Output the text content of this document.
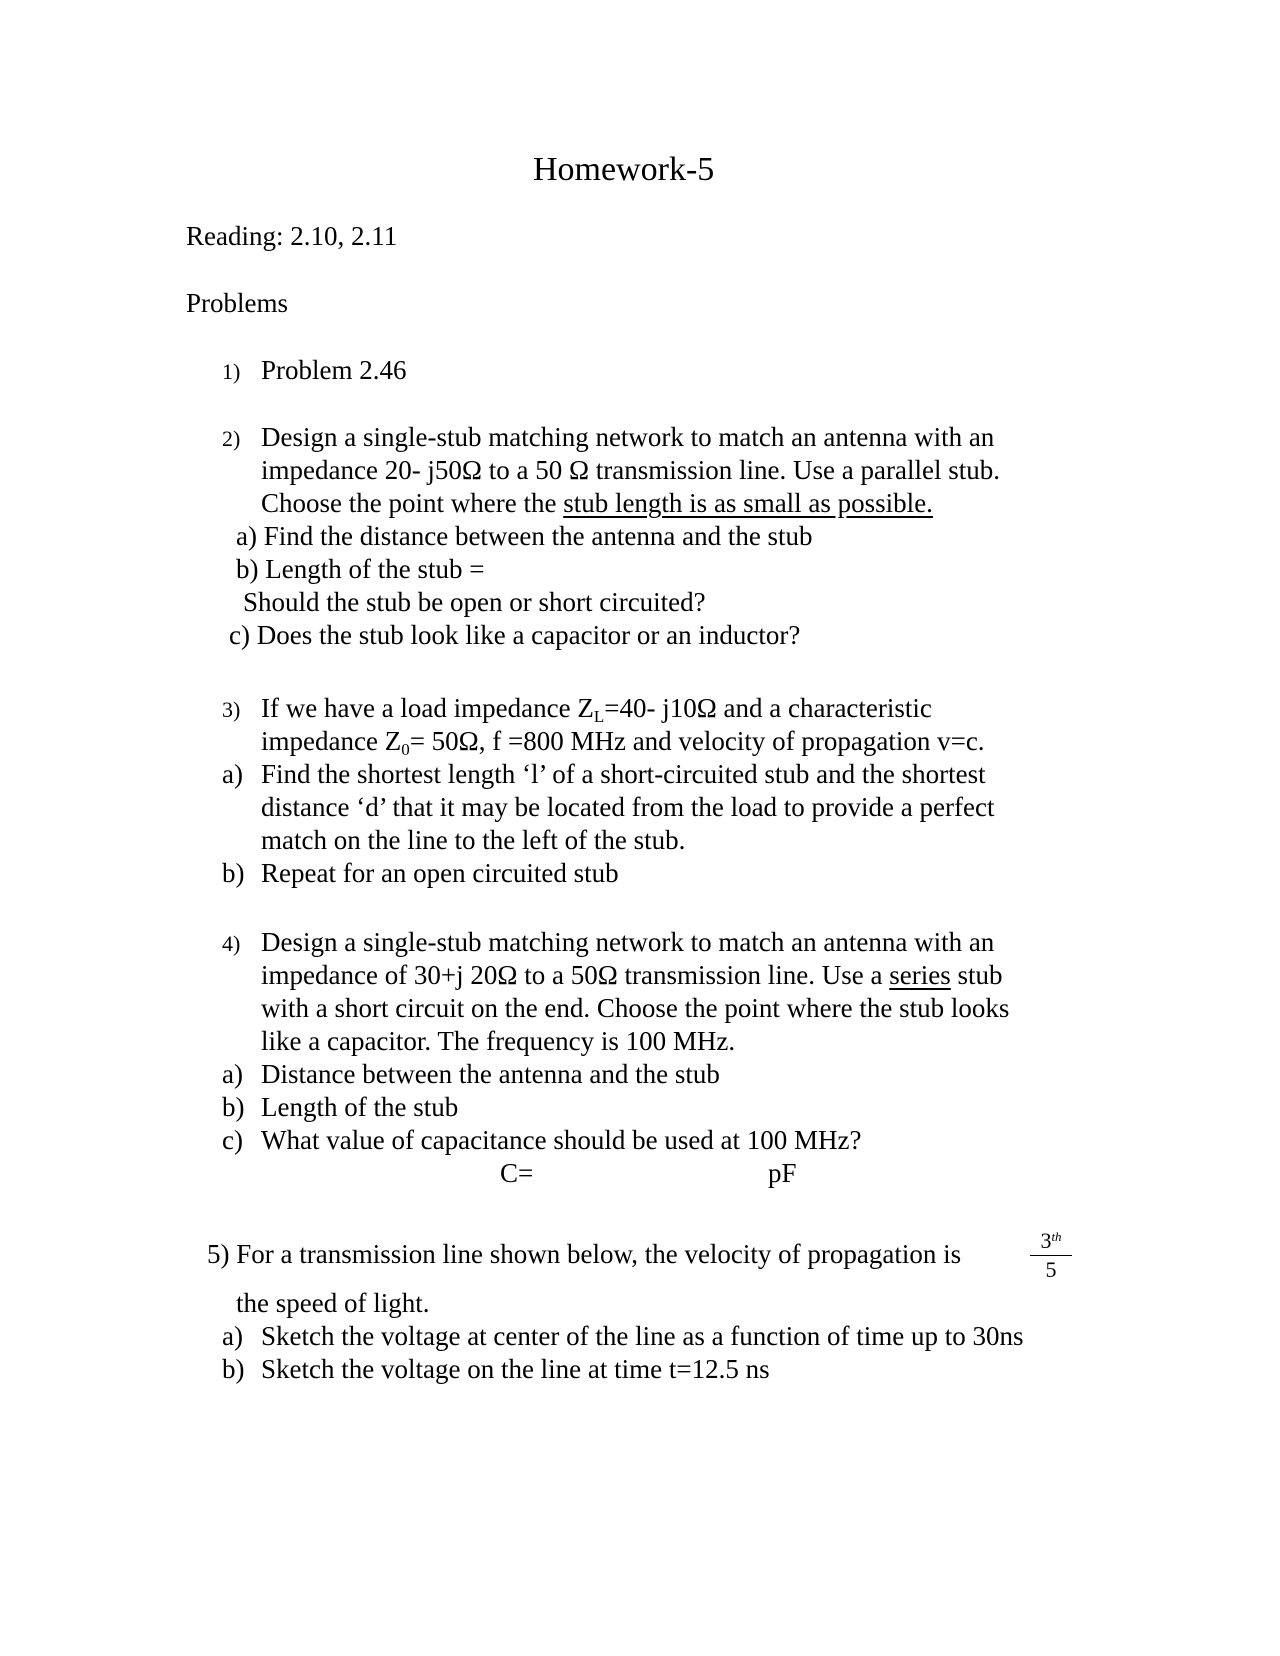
Homework-5
Reading: 2.10, 2.11
Problems
1) Problem 2.46
2) Design a single-stub matching network to match an antenna with an
impedance 20- j50Ω to a 50 Ω transmission line. Use a parallel stub.
Choose the point where the stub length is as small as possible.
a) Find the distance between the antenna and the stub
b) Length of the stub =
Should the stub be open or short circuited?
c) Does the stub look like a capacitor or an inductor?
3) If we have a load impedance $Z_L=40-$ j10Ω and a characteristic
impedance $Z_0= 50\Omega$, f =800 MHz and velocity of propagation v=c.
a) Find the shortest length ‘l’ of a short-circuited stub and the shortest
distance ‘d’ that it may be located from the load to provide a perfect
match on the line to the left of the stub.
b) Repeat for an open circuited stub
4) Design a single-stub matching network to match an antenna with an
impedance of 30+j 20Ω to a 50Ω transmission line. Use a series stub
with a short circuit on the end. Choose the point where the stub looks
like a capacitor. The frequency is 100 MHz.
a) Distance between the antenna and the stub
b) Length of the stub
c) What value of capacitance should be used at 100 MHz?
C=	pF
5) For a transmission line shown below, the velocity of propagation is	$\frac{3^{th}}{5}$
the speed of light.
a) Sketch the voltage at center of the line as a function of time up to 30ns
b) Sketch the voltage on the line at time t=12.5 ns
